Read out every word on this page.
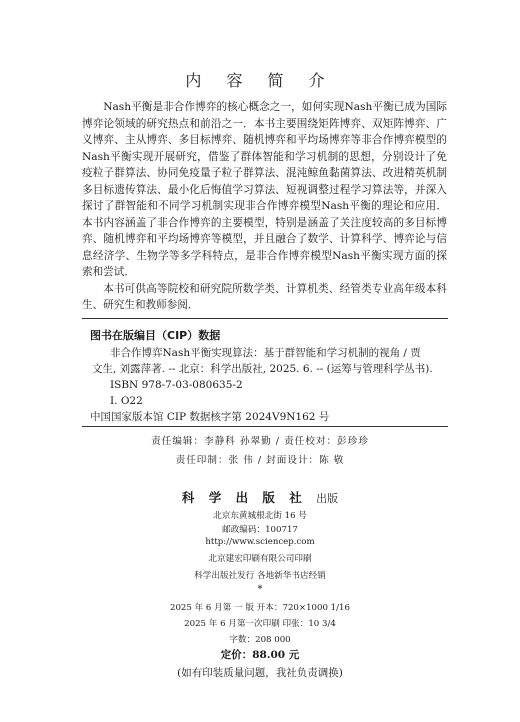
内 容 简 介

Nash平衡是非合作博弈的核心概念之一，如何实现Nash平衡已成为国际博弈论领域的研究热点和前沿之一．本书主要围绕矩阵博弈、双矩阵博弈、广义博弈、主从博弈、多目标博弈、随机博弈和平均场博弈等非合作博弈模型的Nash平衡实现开展研究，借鉴了群体智能和学习机制的思想，分别设计了免疫粒子群算法、协同免疫量子粒子群算法、混沌鲸鱼黏菌算法、改进精英机制多目标遗传算法、最小化后悔值学习算法、短视调整过程学习算法等，并深入探讨了群智能和不同学习机制实现非合作博弈模型Nash平衡的理论和应用．本书内容涵盖了非合作博弈的主要模型，特别是涵盖了关注度较高的多目标博弈、随机博弈和平均场博弈等模型，并且融合了数学、计算科学、博弈论与信息经济学、生物学等多学科特点，是非合作博弈模型Nash平衡实现方面的探索和尝试．

本书可供高等院校和研究院所数学类、计算机类、经管类专业高年级本科生、研究生和教师参阅．

图书在版编目（CIP）数据
非合作博弈Nash平衡实现算法：基于群智能和学习机制的视角 / 贾
文生, 刘露萍著. -- 北京：科学出版社, 2025. 6. -- (运筹与管理科学丛书).
ISBN 978-7-03-080635-2
I. O22
中国国家版本馆 CIP 数据核字第 2024V9N162 号
责任编辑：李静科 孙翠勤 / 责任校对：彭珍珍
责任印制：张 伟 / 封面设计：陈 敬
科 学 出 版 社 出版
北京东黄城根北街 16 号
邮政编码：100717
http://www.sciencep.com
北京建宏印刷有限公司印刷
科学出版社发行 各地新华书店经销
*
2025 年 6 月第 一 版 开本：720×1000 1/16
2025 年 6 月第一次印刷 印张：10 3/4
字数：208 000
定价：88.00 元
(如有印装质量问题，我社负责调换)
